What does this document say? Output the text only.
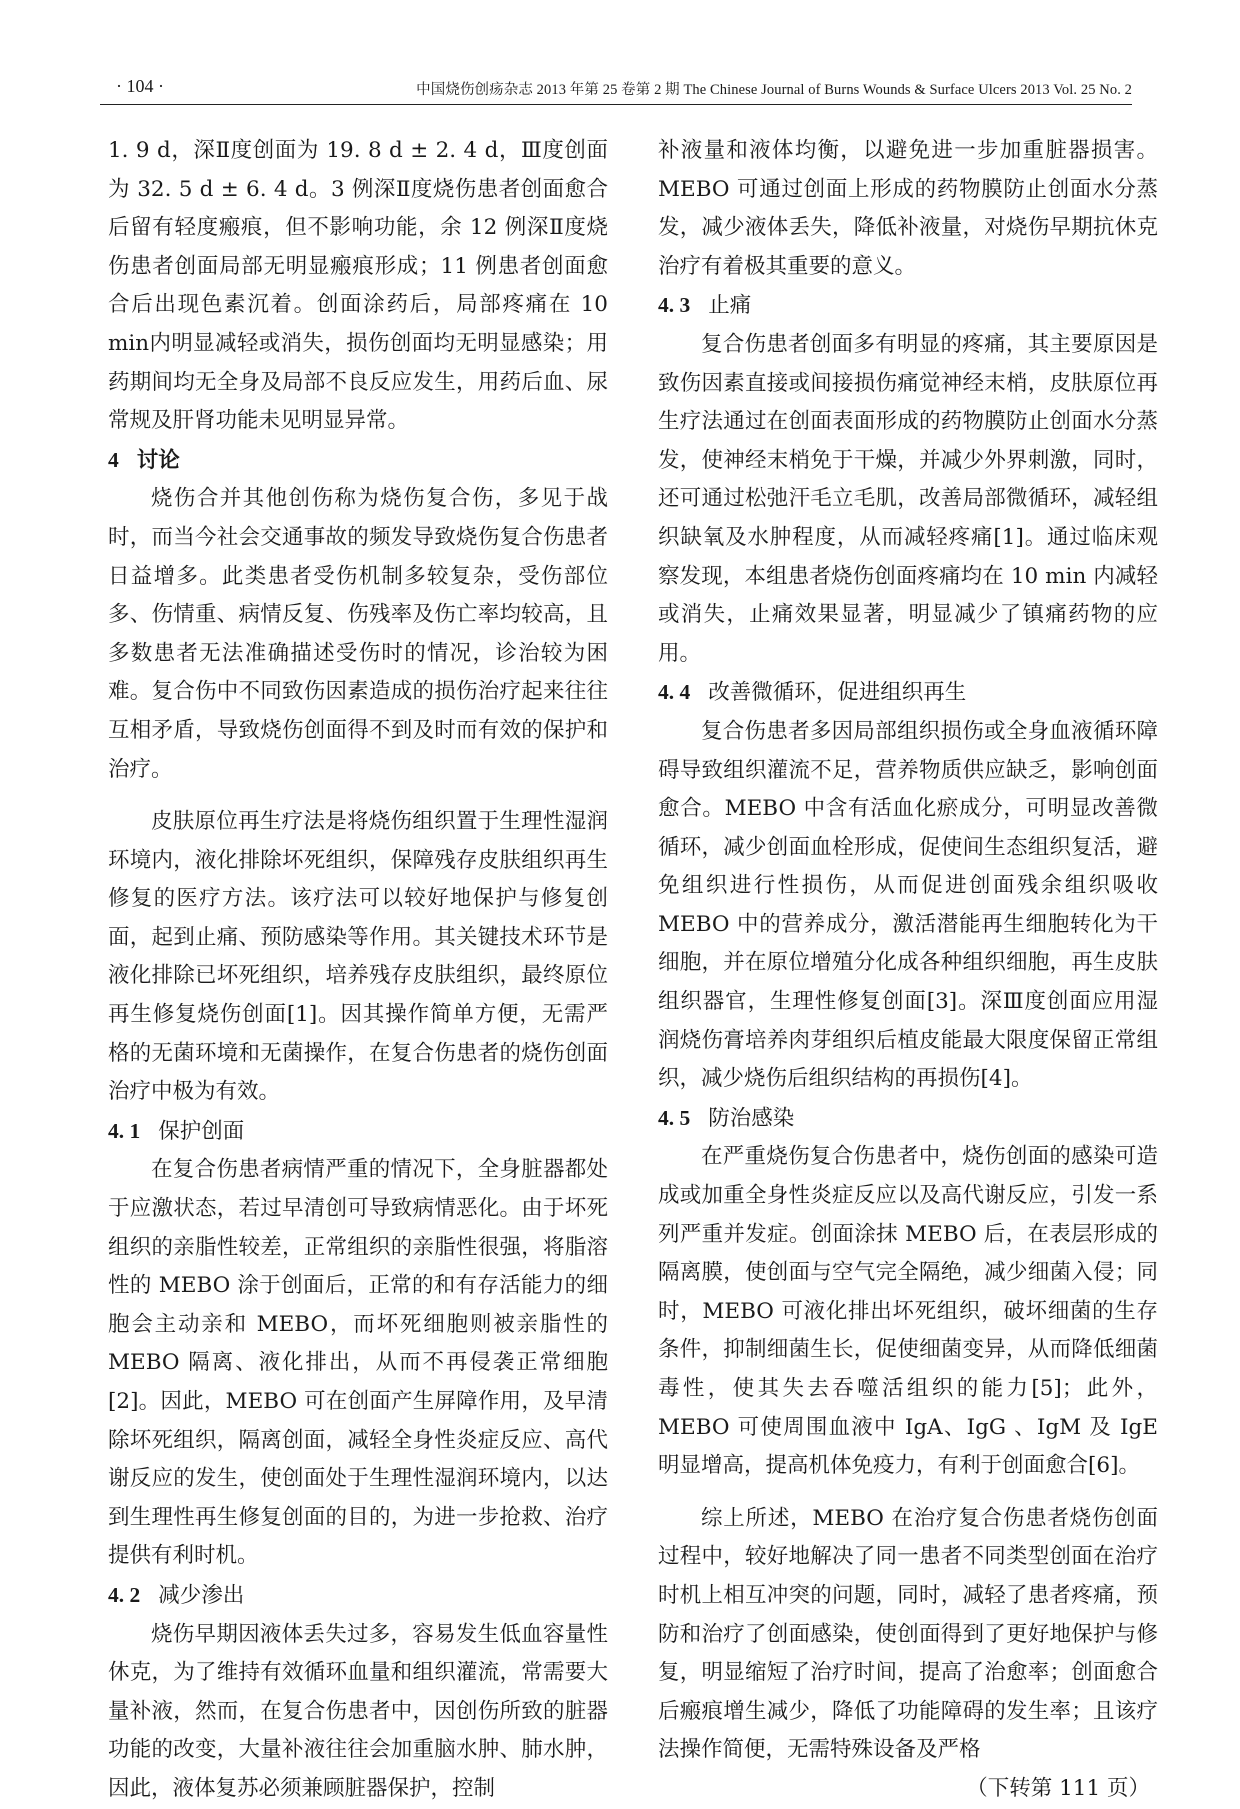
· 104 ·	中国烧伤创疡杂志 2013 年第 25 卷第 2 期 The Chinese Journal of Burns Wounds & Surface Ulcers 2013 Vol. 25 No. 2

1. 9 d，深Ⅱ度创面为 19. 8 d ± 2. 4 d，Ⅲ度创面为 32. 5 d ± 6. 4 d。3 例深Ⅱ度烧伤患者创面愈合后留有轻度瘢痕，但不影响功能，余 12 例深Ⅱ度烧伤患者创面局部无明显瘢痕形成；11 例患者创面愈合后出现色素沉着。创面涂药后，局部疼痛在 10 min内明显减轻或消失，损伤创面均无明显感染；用药期间均无全身及局部不良反应发生，用药后血、尿常规及肝肾功能未见明显异常。

4 讨论

烧伤合并其他创伤称为烧伤复合伤，多见于战时，而当今社会交通事故的频发导致烧伤复合伤患者日益增多。此类患者受伤机制多较复杂，受伤部位多、伤情重、病情反复、伤残率及伤亡率均较高，且多数患者无法准确描述受伤时的情况，诊治较为困难。复合伤中不同致伤因素造成的损伤治疗起来往往互相矛盾，导致烧伤创面得不到及时而有效的保护和治疗。

皮肤原位再生疗法是将烧伤组织置于生理性湿润环境内，液化排除坏死组织，保障残存皮肤组织再生修复的医疗方法。该疗法可以较好地保护与修复创面，起到止痛、预防感染等作用。其关键技术环节是液化排除已坏死组织，培养残存皮肤组织，最终原位再生修复烧伤创面[1]。因其操作简单方便，无需严格的无菌环境和无菌操作，在复合伤患者的烧伤创面治疗中极为有效。

4. 1 保护创面

在复合伤患者病情严重的情况下，全身脏器都处于应激状态，若过早清创可导致病情恶化。由于坏死组织的亲脂性较差，正常组织的亲脂性很强，将脂溶性的 MEBO 涂于创面后，正常的和有存活能力的细胞会主动亲和 MEBO，而坏死细胞则被亲脂性的 MEBO 隔离、液化排出，从而不再侵袭正常细胞[2]。因此，MEBO 可在创面产生屏障作用，及早清除坏死组织，隔离创面，减轻全身性炎症反应、高代谢反应的发生，使创面处于生理性湿润环境内，以达到生理性再生修复创面的目的，为进一步抢救、治疗提供有利时机。

4. 2 减少渗出

烧伤早期因液体丢失过多，容易发生低血容量性休克，为了维持有效循环血量和组织灌流，常需要大量补液，然而，在复合伤患者中，因创伤所致的脏器功能的改变，大量补液往往会加重脑水肿、肺水肿，因此，液体复苏必须兼顾脏器保护，控制

补液量和液体均衡，以避免进一步加重脏器损害。MEBO 可通过创面上形成的药物膜防止创面水分蒸发，减少液体丢失，降低补液量，对烧伤早期抗休克治疗有着极其重要的意义。

4. 3 止痛

复合伤患者创面多有明显的疼痛，其主要原因是致伤因素直接或间接损伤痛觉神经末梢，皮肤原位再生疗法通过在创面表面形成的药物膜防止创面水分蒸发，使神经末梢免于干燥，并减少外界刺激，同时，还可通过松弛汗毛立毛肌，改善局部微循环，减轻组织缺氧及水肿程度，从而减轻疼痛[1]。通过临床观察发现，本组患者烧伤创面疼痛均在 10 min 内减轻或消失，止痛效果显著，明显减少了镇痛药物的应用。

4. 4 改善微循环，促进组织再生

复合伤患者多因局部组织损伤或全身血液循环障碍导致组织灌流不足，营养物质供应缺乏，影响创面愈合。MEBO 中含有活血化瘀成分，可明显改善微循环，减少创面血栓形成，促使间生态组织复活，避免组织进行性损伤，从而促进创面残余组织吸收 MEBO 中的营养成分，激活潜能再生细胞转化为干细胞，并在原位增殖分化成各种组织细胞，再生皮肤组织器官，生理性修复创面[3]。深Ⅲ度创面应用湿润烧伤膏培养肉芽组织后植皮能最大限度保留正常组织，减少烧伤后组织结构的再损伤[4]。

4. 5 防治感染

在严重烧伤复合伤患者中，烧伤创面的感染可造成或加重全身性炎症反应以及高代谢反应，引发一系列严重并发症。创面涂抹 MEBO 后，在表层形成的隔离膜，使创面与空气完全隔绝，减少细菌入侵；同时，MEBO 可液化排出坏死组织，破坏细菌的生存条件，抑制细菌生长，促使细菌变异，从而降低细菌毒性，使其失去吞噬活组织的能力[5]；此外，MEBO 可使周围血液中 IgA、IgG 、IgM 及 IgE 明显增高，提高机体免疫力，有利于创面愈合[6]。

综上所述，MEBO 在治疗复合伤患者烧伤创面过程中，较好地解决了同一患者不同类型创面在治疗时机上相互冲突的问题，同时，减轻了患者疼痛，预防和治疗了创面感染，使创面得到了更好地保护与修复，明显缩短了治疗时间，提高了治愈率；创面愈合后瘢痕增生减少，降低了功能障碍的发生率；且该疗法操作简便，无需特殊设备及严格

（下转第 111 页）
